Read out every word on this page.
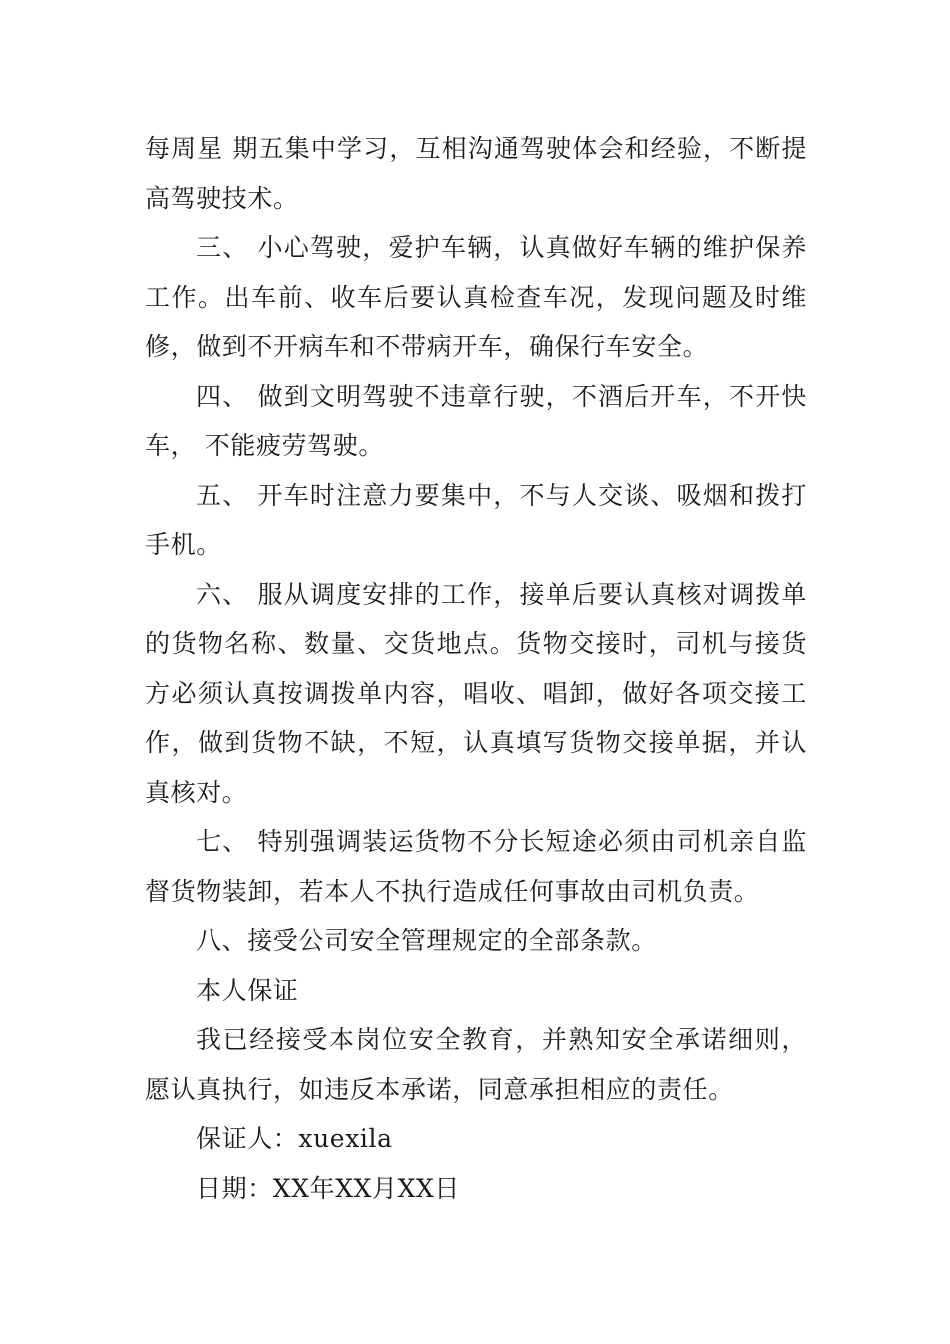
每周星 期五集中学习，互相沟通驾驶体会和经验，不断提高驾驶技术。

三、 小心驾驶，爱护车辆，认真做好车辆的维护保养工作。出车前、收车后要认真检查车况，发现问题及时维修，做到不开病车和不带病开车，确保行车安全。

四、 做到文明驾驶不违章行驶，不酒后开车，不开快车， 不能疲劳驾驶。

五、 开车时注意力要集中，不与人交谈、吸烟和拨打手机。

六、 服从调度安排的工作，接单后要认真核对调拨单的货物名称、数量、交货地点。货物交接时，司机与接货方必须认真按调拨单内容，唱收、唱卸，做好各项交接工作，做到货物不缺，不短，认真填写货物交接单据，并认真核对。

七、 特别强调装运货物不分长短途必须由司机亲自监督货物装卸，若本人不执行造成任何事故由司机负责。

八、接受公司安全管理规定的全部条款。

本人保证

我已经接受本岗位安全教育，并熟知安全承诺细则，愿认真执行，如违反本承诺，同意承担相应的责任。

保证人：xuexila

日期：XX年XX月XX日
